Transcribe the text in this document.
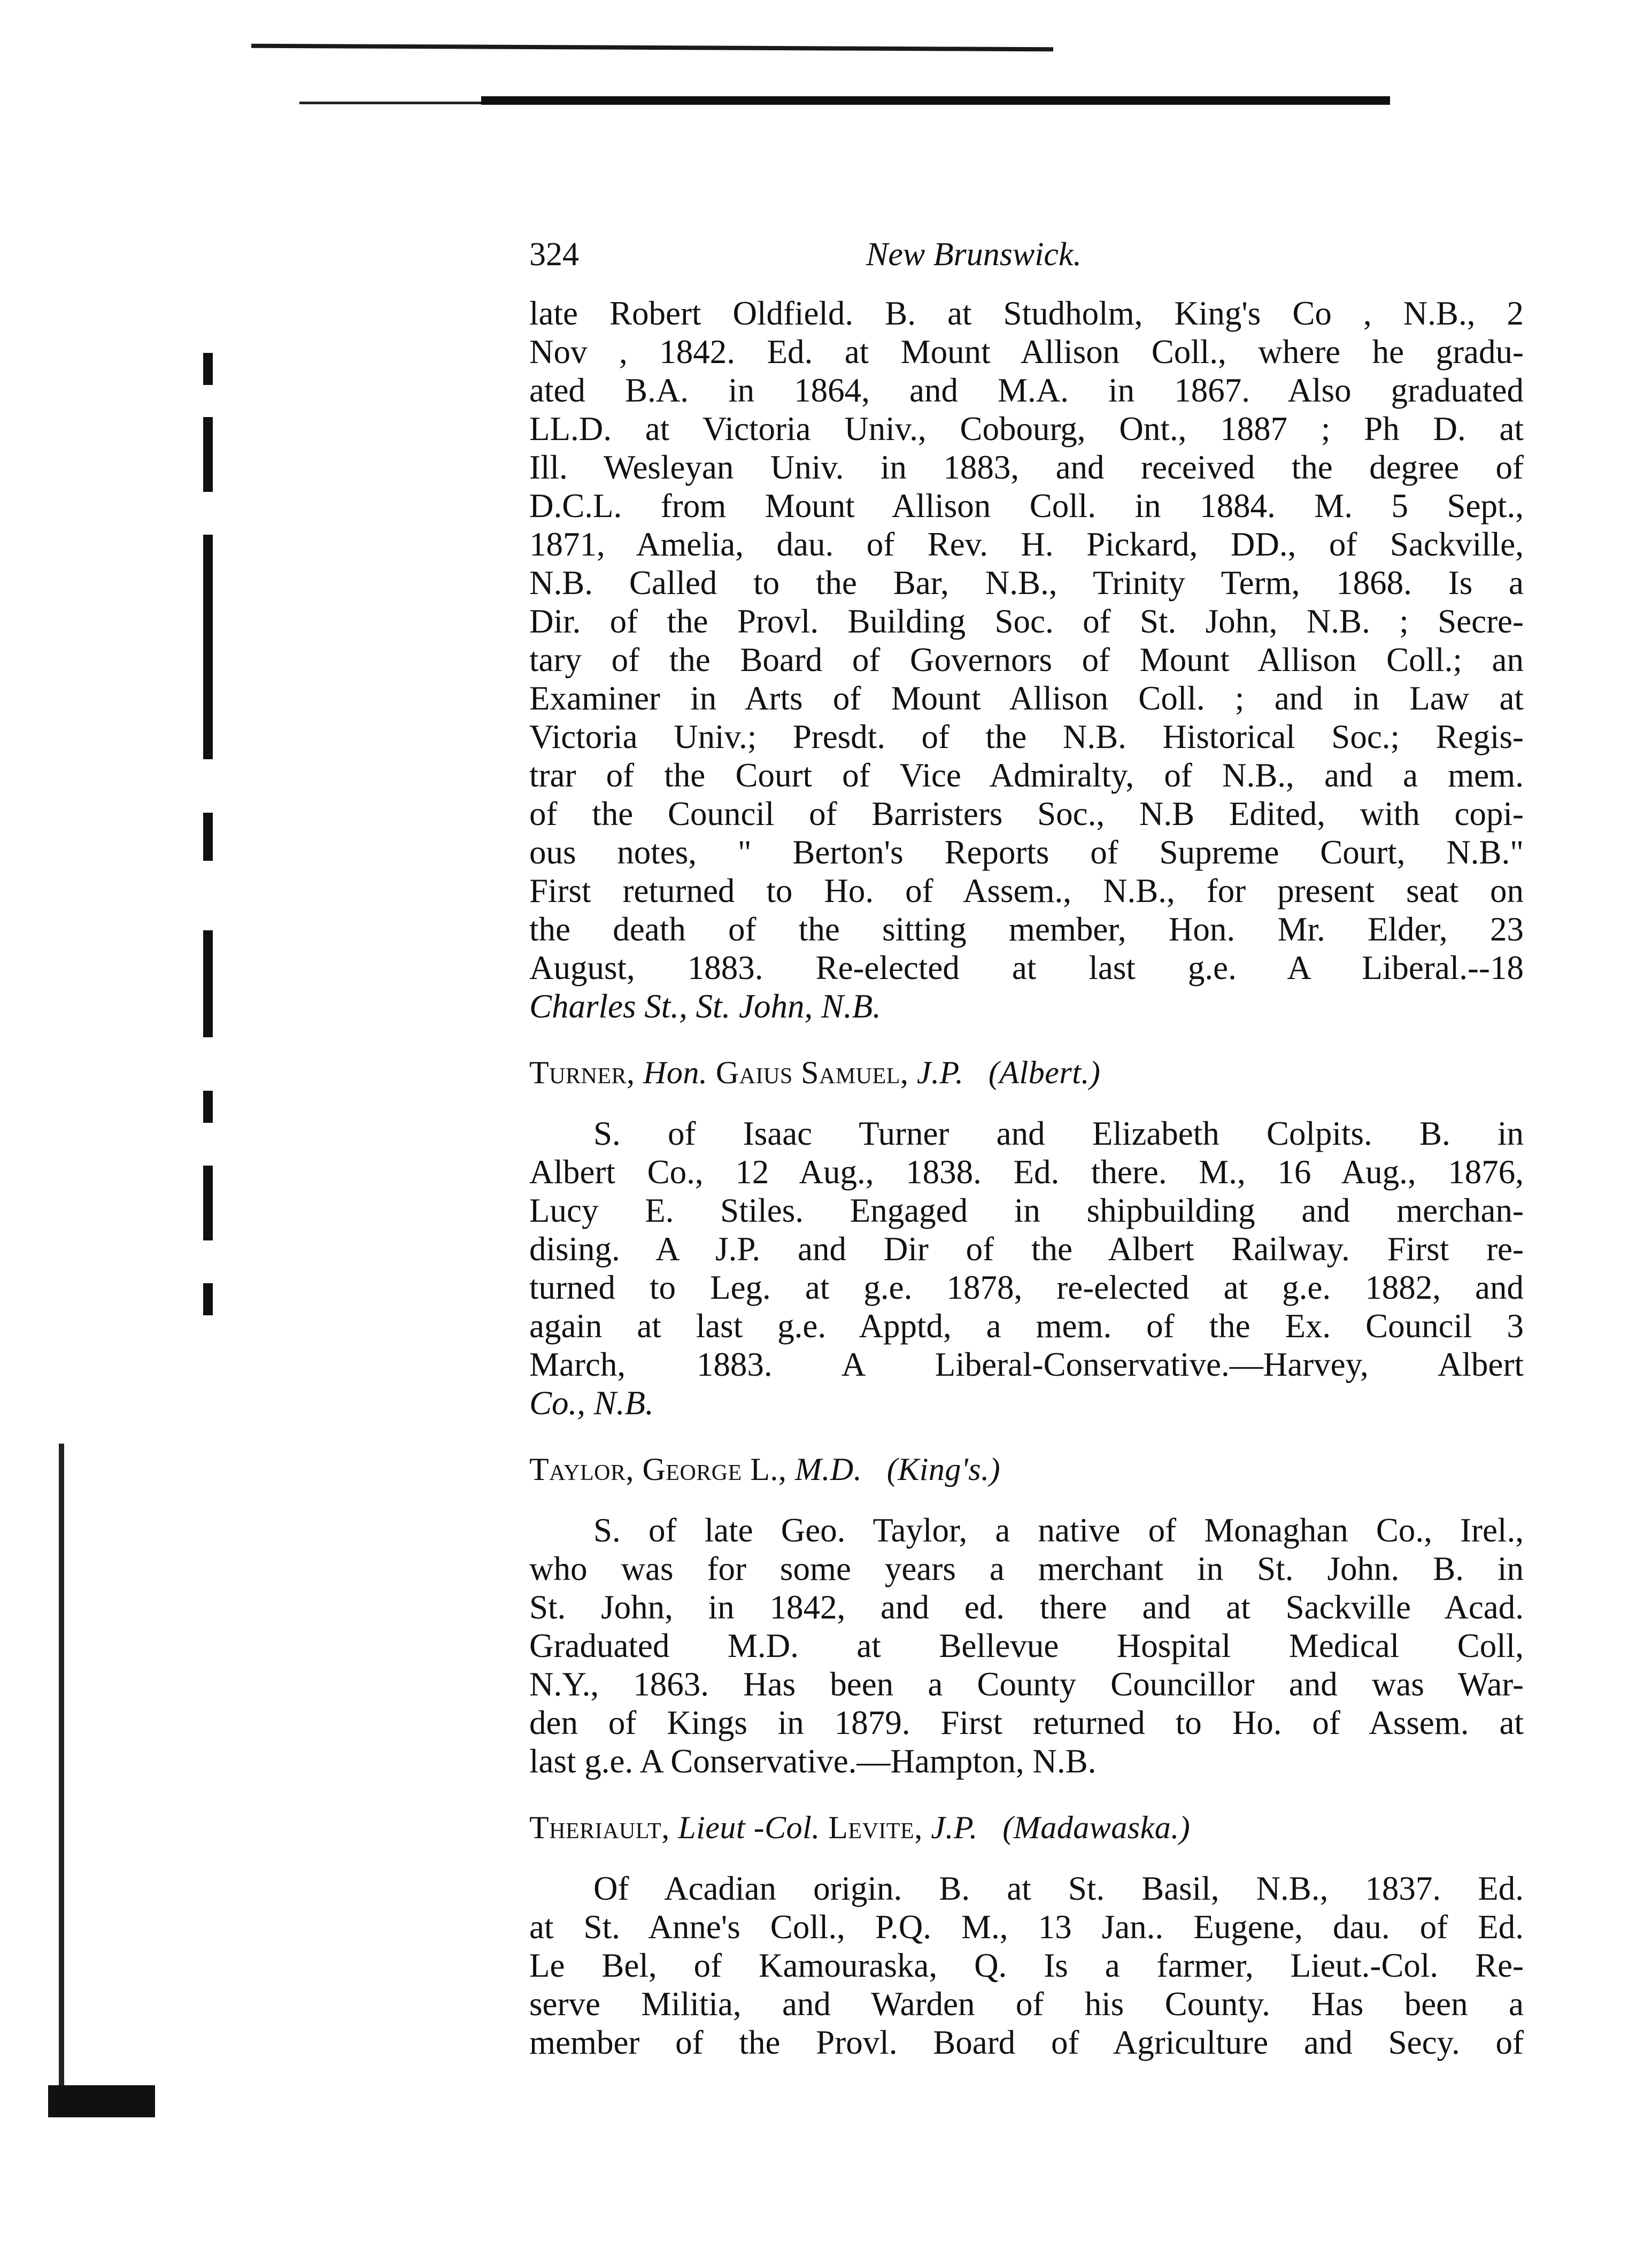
324	New Brunswick.

late Robert Oldfield. B. at Studholm, King's Co , N.B., 2

Nov , 1842. Ed. at Mount Allison Coll., where he gradu-

ated B.A. in 1864, and M.A. in 1867. Also graduated

LL.D. at Victoria Univ., Cobourg, Ont., 1887 ; Ph D. at

Ill. Wesleyan Univ. in 1883, and received the degree of

D.C.L. from Mount Allison Coll. in 1884. M. 5 Sept.,

1871, Amelia, dau. of Rev. H. Pickard, DD., of Sackville,

N.B. Called to the Bar, N.B., Trinity Term, 1868. Is a

Dir. of the Provl. Building Soc. of St. John, N.B. ; Secre-

tary of the Board of Governors of Mount Allison Coll.; an

Examiner in Arts of Mount Allison Coll. ; and in Law at

Victoria Univ.; Presdt. of the N.B. Historical Soc.; Regis-

trar of the Court of Vice Admiralty, of N.B., and a mem.

of the Council of Barristers Soc., N.B Edited, with copi-

ous notes, " Berton's Reports of Supreme Court, N.B."

First returned to Ho. of Assem., N.B., for present seat on

the death of the sitting member, Hon. Mr. Elder, 23

August, 1883. Re-elected at last g.e. A Liberal.--18

Charles St., St. John, N.B.

Turner, Hon. Gaius Samuel, J.P. (Albert.)

S. of Isaac Turner and Elizabeth Colpits. B. in

Albert Co., 12 Aug., 1838. Ed. there. M., 16 Aug., 1876,

Lucy E. Stiles. Engaged in shipbuilding and merchan-

dising. A J.P. and Dir of the Albert Railway. First re-

turned to Leg. at g.e. 1878, re-elected at g.e. 1882, and

again at last g.e. Apptd, a mem. of the Ex. Council 3

March, 1883. A Liberal-Conservative.—Harvey, Albert

Co., N.B.

Taylor, George L., M.D. (King's.)

S. of late Geo. Taylor, a native of Monaghan Co., Irel.,

who was for some years a merchant in St. John. B. in

St. John, in 1842, and ed. there and at Sackville Acad.

Graduated M.D. at Bellevue Hospital Medical Coll,

N.Y., 1863. Has been a County Councillor and was War-

den of Kings in 1879. First returned to Ho. of Assem. at

last g.e. A Conservative.—Hampton, N.B.

Theriault, Lieut -Col. Levite, J.P. (Madawaska.)

Of Acadian origin. B. at St. Basil, N.B., 1837. Ed.

at St. Anne's Coll., P.Q. M., 13 Jan.. Eugene, dau. of Ed.

Le Bel, of Kamouraska, Q. Is a farmer, Lieut.-Col. Re-

serve Militia, and Warden of his County. Has been a

member of the Provl. Board of Agriculture and Secy. of
